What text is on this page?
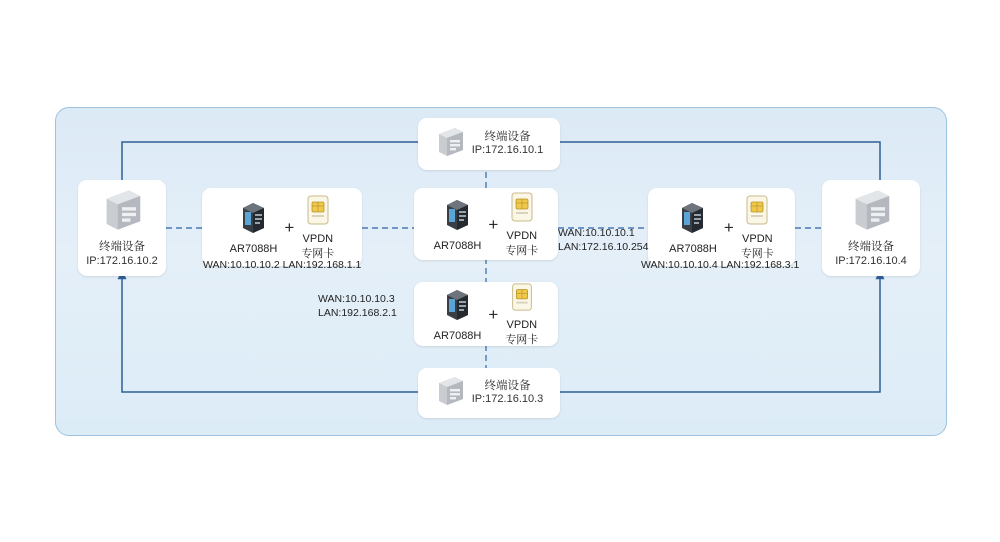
终端设备
IP:172.16.10.1
终端设备
IP:172.16.10.2
终端设备
IP:172.16.10.4
终端设备
IP:172.16.10.3
AR7088H
+
VPDN
专网卡
AR7088H
+
VPDN
专网卡
AR7088H
+
VPDN
专网卡
AR7088H
+
VPDN
专网卡
WAN:10.10.10.2 LAN:192.168.1.1
WAN:10.10.10.1
LAN:172.16.10.254
WAN:10.10.10.4 LAN:192.168.3.1
WAN:10.10.10.3
LAN:192.168.2.1
